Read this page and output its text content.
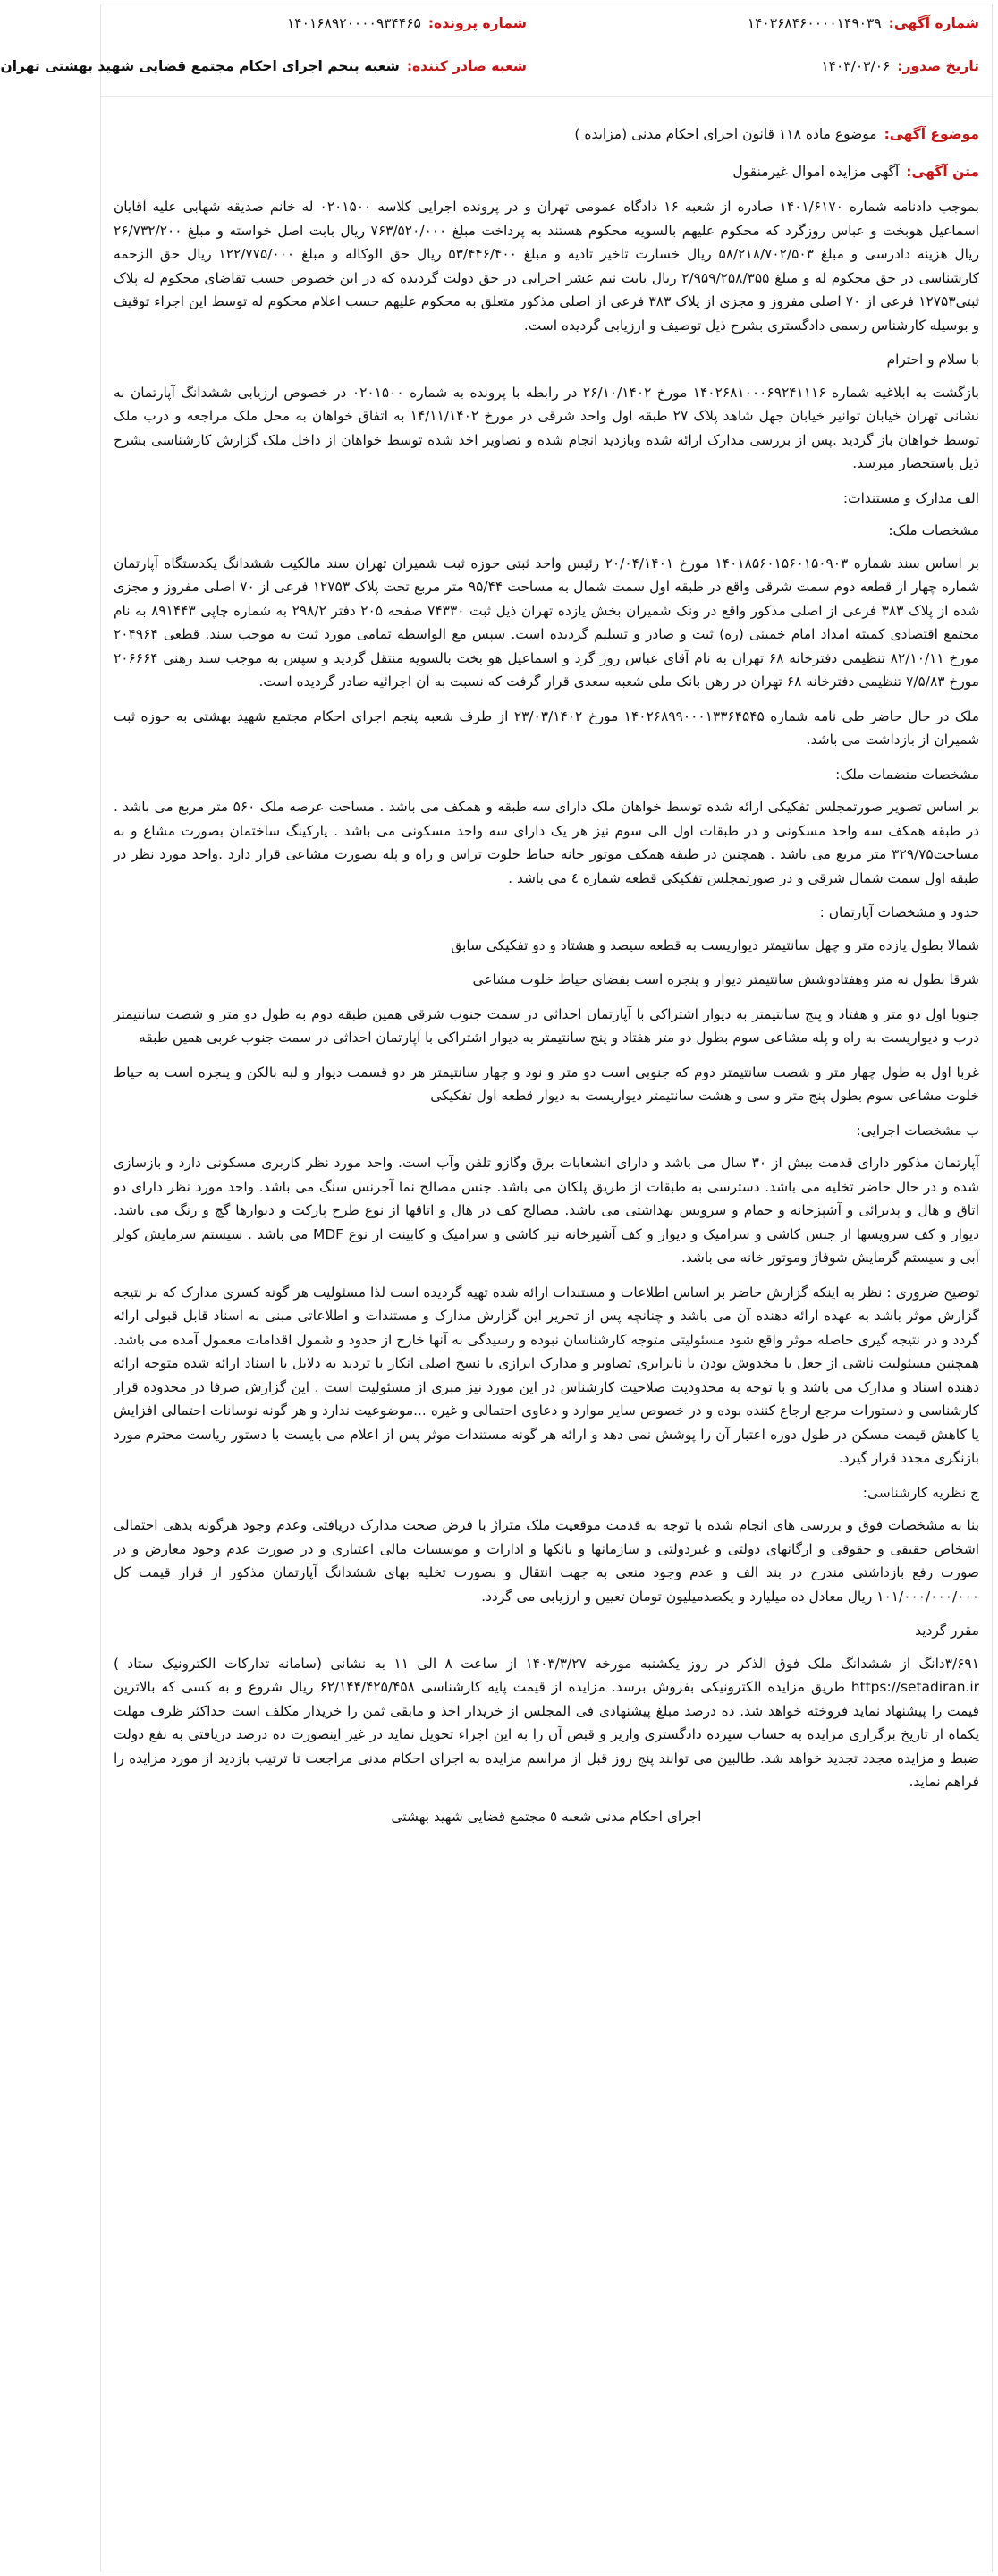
شماره آگهی:۱۴۰۳۶۸۴۶۰۰۰۰۱۴۹۰۳۹
شماره پرونده:۱۴۰۱۶۸۹۲۰۰۰۰۹۳۴۴۶۵
تاریخ صدور:۱۴۰۳/۰۳/۰۶
شعبه صادر کننده:شعبه پنجم اجرای احکام مجتمع قضایی شهید بهشتی تهران
موضوع آگهی:موضوع ماده ۱۱۸ قانون اجرای احکام مدنی (مزایده )
متن آگهی:آگهی مزایده اموال غیرمنقول

بموجب دادنامه شماره ۱۴۰۱/۶۱۷۰ صادره از شعبه ۱۶ دادگاه عمومی تهران و در پرونده اجرایی کلاسه ۰۲۰۱۵۰۰ له خانم صدیقه شهابی علیه آقایان اسماعیل هوبخت و عباس روزگرد که محکوم علیهم بالسویه محکوم هستند به پرداخت مبلغ ۷۶۳/۵۲۰/۰۰۰ ریال بابت اصل خواسته و مبلغ ۲۶/۷۳۲/۲۰۰ ریال هزینه دادرسی و مبلغ ۵۸/۲۱۸/۷۰۲/۵۰۳ ریال خسارت تاخیر تادیه و مبلغ ۵۳/۴۴۶/۴۰۰ ریال حق الوکاله و مبلغ ۱۲۲/۷۷۵/۰۰۰ ریال حق الزحمه کارشناسی در حق محکوم له و مبلغ ۲/۹۵۹/۲۵۸/۳۵۵ ریال بابت نیم عشر اجرایی در حق دولت گردیده که در این خصوص حسب تقاضای محکوم له پلاک ثبتی۱۲۷۵۳ فرعی از ۷۰ اصلی مفروز و مجزی از پلاک ۳۸۳ فرعی از اصلی مذکور متعلق به محکوم علیهم حسب اعلام محکوم له توسط این اجراء توقیف و بوسیله کارشناس رسمی دادگستری بشرح ذیل توصیف و ارزیابی گردیده است.

با سلام و احترام

بازگشت به ابلاغیه شماره ۱۴۰۲۶۸۱۰۰۰۶۹۲۴۱۱۱۶ مورخ ۲۶/۱۰/۱۴۰۲ در رابطه با پرونده به شماره ۰۲۰۱۵۰۰ در خصوص ارزیابی ششدانگ آپارتمان به نشانی تهران خیابان توانیر خیابان جهل شاهد پلاک ۲۷ طبقه اول واحد شرقی در مورخ ۱۴/۱۱/۱۴۰۲ به اتفاق خواهان به محل ملک مراجعه و درب ملک توسط خواهان باز گردید .پس از بررسی مدارک ارائه شده وبازدید انجام شده و تصاویر اخذ شده توسط خواهان از داخل ملک گزارش کارشناسی بشرح ذیل باستحضار میرسد.

الف مدارک و مستندات:

مشخصات ملک:

بر اساس سند شماره ۱۴۰۱۸۵۶۰۱۵۶۰۱۵۰۹۰۳ مورخ ۲۰/۰۴/۱۴۰۱ رئیس واحد ثبتی حوزه ثبت شمیران تهران سند مالکیت ششدانگ یکدستگاه آپارتمان شماره چهار از قطعه دوم سمت شرقی واقع در طبقه اول سمت شمال به مساحت ۹۵/۴۴ متر مربع تحت پلاک ۱۲۷۵۳ فرعی از ۷۰ اصلی مفروز و مجزی شده از پلاک ۳۸۳ فرعی از اصلی مذکور واقع در ونک شمیران بخش یازده تهران ذیل ثبت ۷۴۳۳۰ صفحه ۲۰۵ دفتر ۲۹۸/۲ به شماره چاپی ۸۹۱۴۴۳ به نام مجتمع اقتصادی کمیته امداد امام خمینی (ره) ثبت و صادر و تسلیم گردیده است. سپس مع الواسطه تمامی مورد ثبت به موجب سند. قطعی ۲۰۴۹۶۴ مورخ ۸۲/۱۰/۱۱ تنظیمی دفترخانه ۶۸ تهران به نام آقای عباس روز گرد و اسماعیل هو بخت بالسویه منتقل گردید و سپس به موجب سند رهنی ۲۰۶۶۶۴ مورخ ۷/۵/۸۳ تنظیمی دفترخانه ۶۸ تهران در رهن بانک ملی شعبه سعدی قرار گرفت که نسبت به آن اجرائیه صادر گردیده است.

ملک در حال حاضر طی نامه شماره ۱۴۰۲۶۸۹۹۰۰۰۱۳۳۶۴۵۴۵ مورخ ۲۳/۰۳/۱۴۰۲ از طرف شعبه پنجم اجرای احکام مجتمع شهید بهشتی به حوزه ثبت شمیران از بازداشت می باشد.

مشخصات منضمات ملک:

بر اساس تصویر صورتمجلس تفکیکی ارائه شده توسط خواهان ملک دارای سه طبقه و همکف می باشد . مساحت عرصه ملک ۵۶۰ متر مربع می باشد . در طبقه همکف سه واحد مسکونی و در طبقات اول الی سوم نیز هر یک دارای سه واحد مسکونی می باشد . پارکینگ ساختمان بصورت مشاع و به مساحت۳۲۹/۷۵ متر مربع می باشد . همچنین در طبقه همکف موتور خانه حیاط خلوت تراس و راه و پله بصورت مشاعی قرار دارد .واحد مورد نظر در طبقه اول سمت شمال شرقی و در صورتمجلس تفکیکی قطعه شماره ٤ می باشد .

حدود و مشخصات آپارتمان :

شمالا بطول یازده متر و چهل سانتیمتر دیواریست به قطعه سیصد و هشتاد و دو تفکیکی سابق

شرقا بطول نه متر وهفتادوشش سانتیمتر دیوار و پنجره است بفضای حیاط خلوت مشاعی

جنوبا اول دو متر و هفتاد و پنج سانتیمتر به دیوار اشتراکی با آپارتمان احداثی در سمت جنوب شرقی همین طبقه دوم به طول دو متر و شصت سانتیمتر درب و دیواریست به راه و پله مشاعی سوم بطول دو متر هفتاد و پنج سانتیمتر به دیوار اشتراکی با آپارتمان احداثی در سمت جنوب غربی همین طبقه

غربا اول به طول چهار متر و شصت سانتیمتر دوم که جنوبی است دو متر و نود و چهار سانتیمتر هر دو قسمت دیوار و لبه بالکن و پنجره است به حیاط خلوت مشاعی سوم بطول پنج متر و سی و هشت سانتیمتر دیواریست به دیوار قطعه اول تفکیکی

ب مشخصات اجرایی:

آپارتمان مذکور دارای قدمت بیش از ۳۰ سال می باشد و دارای انشعابات برق وگازو تلفن وآب است. واحد مورد نظر کاربری مسکونی دارد و بازسازی شده و در حال حاضر تخلیه می باشد. دسترسی به طبقات از طریق پلکان می باشد. جنس مصالح نما آجرنس سنگ می باشد. واحد مورد نظر دارای دو اتاق و هال و پذیرائی و آشپزخانه و حمام و سرویس بهداشتی می باشد. مصالح کف در هال و اتاقها از نوع طرح پارکت و دیوارها گچ و رنگ می باشد. دیوار و کف سرویسها از جنس کاشی و سرامیک و دیوار و کف آشپزخانه نیز کاشی و سرامیک و کابینت از نوع MDF می باشد . سیستم سرمایش کولر آبی و سیستم گرمایش شوفاژ وموتور خانه می باشد.

توضیح ضروری : نظر به اینکه گزارش حاضر بر اساس اطلاعات و مستندات ارائه شده تهیه گردیده است لذا مسئولیت هر گونه کسری مدارک که بر نتیجه گزارش موثر باشد به عهده ارائه دهنده آن می باشد و چنانچه پس از تحریر این گزارش مدارک و مستندات و اطلاعاتی مبنی به اسناد قابل قبولی ارائه گردد و در نتیجه گیری حاصله موثر واقع شود مسئولیتی متوجه کارشناسان نبوده و رسیدگی به آنها خارج از حدود و شمول اقدامات معمول آمده می باشد. همچنین مسئولیت ناشی از جعل یا مخدوش بودن یا نابرابری تصاویر و مدارک ابرازی با نسخ اصلی انکار یا تردید به دلایل یا اسناد ارائه شده متوجه ارائه دهنده اسناد و مدارک می باشد و با توجه به محدودیت صلاحیت کارشناس در این مورد نیز مبری از مسئولیت است . این گزارش صرفا در محدوده قرار کارشناسی و دستورات مرجع ارجاع کننده بوده و در خصوص سایر موارد و دعاوی احتمالی و غیره ...موضوعیت ندارد و هر گونه نوسانات احتمالی افزایش یا کاهش قیمت مسکن در طول دوره اعتبار آن را پوشش نمی دهد و ارائه هر گونه مستندات موثر پس از اعلام می بایست با دستور ریاست محترم مورد بازنگری مجدد قرار گیرد.

ج نظریه کارشناسی:

بنا به مشخصات فوق و بررسی های انجام شده با توجه به قدمت موقعیت ملک متراژ با فرض صحت مدارک دریافتی وعدم وجود هرگونه بدهی احتمالی اشخاص حقیقی و حقوقی و ارگانهای دولتی و غیردولتی و سازمانها و بانکها و ادارات و موسسات مالی اعتباری و در صورت عدم وجود معارض و در صورت رفع بازداشتی مندرج در بند الف و عدم وجود منعی به جهت انتقال و بصورت تخلیه بهای ششدانگ آپارتمان مذکور از قرار قیمت کل ۱۰۱/۰۰۰/۰۰۰/۰۰۰ ریال معادل ده میلیارد و یکصدمیلیون تومان تعیین و ارزیابی می گردد.

مقرر گردید

۳/۶۹۱دانگ از ششدانگ ملک فوق الذکر در روز یکشنبه مورخه ۱۴۰۳/۳/۲۷ از ساعت ۸ الی ۱۱ به نشانی (سامانه تدارکات الکترونیک ستاد ) https://setadiran.ir طریق مزایده الکترونیکی بفروش برسد. مزایده از قیمت پایه کارشناسی ۶۲/۱۴۴/۴۲۵/۴۵۸ ریال شروع و به کسی که بالاترین قیمت را پیشنهاد نماید فروخته خواهد شد. ده درصد مبلغ پیشنهادی فی المجلس از خریدار اخذ و مابقی ثمن را خریدار مکلف است حداکثر ظرف مهلت یکماه از تاریخ برگزاری مزایده به حساب سپرده دادگستری واریز و قبض آن را به این اجراء تحویل نماید در غیر اینصورت ده درصد دریافتی به نفع دولت ضبط و مزایده مجدد تجدید خواهد شد. طالبین می توانند پنج روز قبل از مراسم مزایده به اجرای احکام مدنی مراجعت تا ترتیب بازدید از مورد مزایده را فراهم نماید.

اجرای احکام مدنی شعبه ٥ مجتمع قضایی شهید بهشتی
